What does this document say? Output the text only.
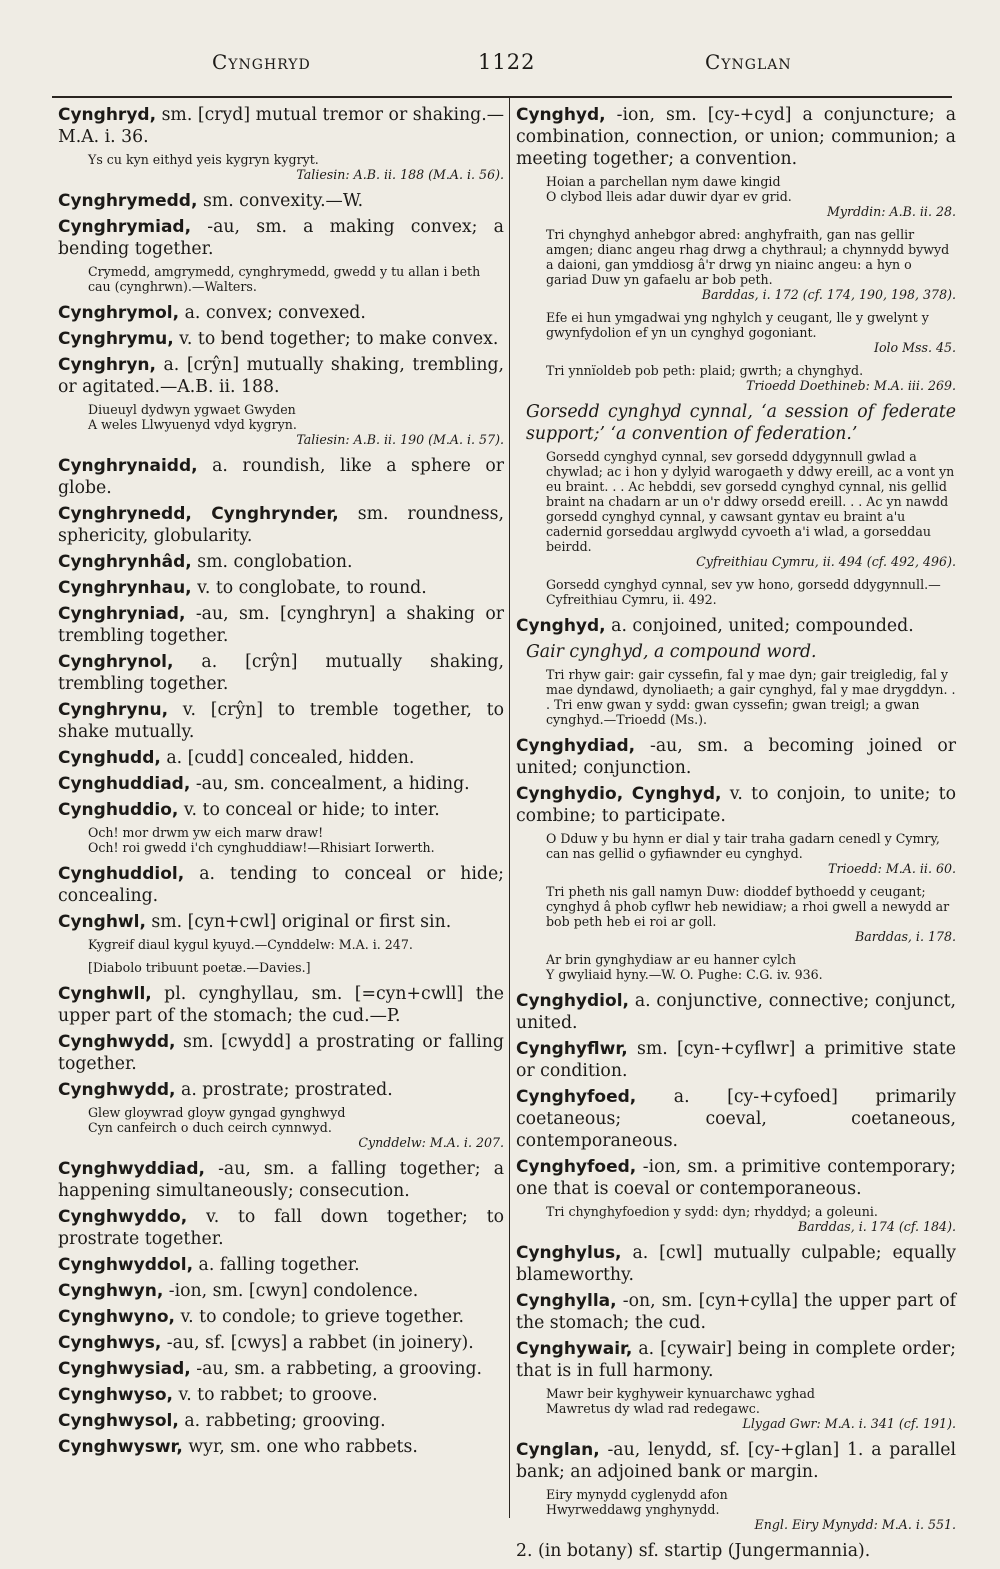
Cynghryd	1122	Cynglan
Cynghryd, sm. [cryd] mutual tremor or shaking.—M.A. i. 36.
Ys cu kyn eithyd yeis kygryn kygryt.
Taliesin: A.B. ii. 188 (M.A. i. 56).
Cynghrymedd, sm. convexity.—W.
Cynghrymiad, -au, sm. a making convex; a bending together.
Crymedd, amgrymedd, cynghrymedd, gwedd y tu allan i beth cau (cynghrwn).—Walters.
Cynghrymol, a. convex; convexed.
Cynghrymu, v. to bend together; to make convex.
Cynghryn, a. [crŷn] mutually shaking, trembling, or agitated.—A.B. ii. 188.
Diueuyl dydwyn ygwaet Gwyden
A weles Llwyuenyd vdyd kygryn.
Taliesin: A.B. ii. 190 (M.A. i. 57).
Cynghrynaidd, a. roundish, like a sphere or globe.
Cynghrynedd, Cynghrynder, sm. roundness, sphericity, globularity.
Cynghrynhâd, sm. conglobation.
Cynghrynhau, v. to conglobate, to round.
Cynghryniad, -au, sm. [cynghryn] a shaking or trembling together.
Cynghrynol, a. [crŷn] mutually shaking, trembling together.
Cynghrynu, v. [crŷn] to tremble together, to shake mutually.
Cynghudd, a. [cudd] concealed, hidden.
Cynghuddiad, -au, sm. concealment, a hiding.
Cynghuddio, v. to conceal or hide; to inter.
Och! mor drwm yw eich marw draw!
Och! roi gwedd i'ch cynghuddiaw!—Rhisiart Iorwerth.
Cynghuddiol, a. tending to conceal or hide; concealing.
Cynghwl, sm. [cyn+cwl] original or first sin.
Kygreif diaul kygul kyuyd.—Cynddelw: M.A. i. 247.
[Diabolo tribuunt poetæ.—Davies.]
Cynghwll, pl. cynghyllau, sm. [=cyn+cwll] the upper part of the stomach; the cud.—P.
Cynghwydd, sm. [cwydd] a prostrating or falling together.
Cynghwydd, a. prostrate; prostrated.
Glew gloywrad gloyw gyngad gynghwyd
Cyn canfeirch o duch ceirch cynnwyd.
Cynddelw: M.A. i. 207.
Cynghwyddiad, -au, sm. a falling together; a happening simultaneously; consecution.
Cynghwyddo, v. to fall down together; to prostrate together.
Cynghwyddol, a. falling together.
Cynghwyn, -ion, sm. [cwyn] condolence.
Cynghwyno, v. to condole; to grieve together.
Cynghwys, -au, sf. [cwys] a rabbet (in joinery).
Cynghwysiad, -au, sm. a rabbeting, a grooving.
Cynghwyso, v. to rabbet; to groove.
Cynghwysol, a. rabbeting; grooving.
Cynghwyswr, wyr, sm. one who rabbets.
Cynghyd, -ion, sm. [cy-+cyd] a conjuncture; a combination, connection, or union; communion; a meeting together; a convention.
Hoian a parchellan nym dawe kingid
O clybod lleis adar duwir dyar ev grid.
Myrddin: A.B. ii. 28.
Tri chynghyd anhebgor abred: anghyfraith, gan nas gellir amgen; dianc angeu rhag drwg a chythraul; a chynnydd bywyd a daioni, gan ymddiosg â'r drwg yn niainc angeu: a hyn o gariad Duw yn gafaelu ar bob peth.
Barddas, i. 172 (cf. 174, 190, 198, 378).
Efe ei hun ymgadwai yng nghylch y ceugant, lle y gwelynt y gwynfydolion ef yn un cynghyd gogoniant.
Iolo Mss. 45.
Tri ynnïoldeb pob peth: plaid; gwrth; a chynghyd.
Trioedd Doethineb: M.A. iii. 269.
Gorsedd cynghyd cynnal, ‘a session of federate support;’ ‘a convention of federation.’
Gorsedd cynghyd cynnal, sev gorsedd ddygynnull gwlad a chywlad; ac i hon y dylyid warogaeth y ddwy ereill, ac a vont yn eu braint. . . Ac hebddi, sev gorsedd cynghyd cynnal, nis gellid braint na chadarn ar un o'r ddwy orsedd ereill. . . Ac yn nawdd gorsedd cynghyd cynnal, y cawsant gyntav eu braint a'u cadernid gorseddau arglwydd cyvoeth a'i wlad, a gorseddau beirdd.
Cyfreithiau Cymru, ii. 494 (cf. 492, 496).
Gorsedd cynghyd cynnal, sev yw hono, gorsedd ddygynnull.—Cyfreithiau Cymru, ii. 492.
Cynghyd, a. conjoined, united; compounded.
Gair cynghyd, a compound word.
Tri rhyw gair: gair cyssefin, fal y mae dyn; gair treigledig, fal y mae dyndawd, dynoliaeth; a gair cynghyd, fal y mae drygddyn. . . Tri enw gwan y sydd: gwan cyssefin; gwan treigl; a gwan cynghyd.—Trioedd (Ms.).
Cynghydiad, -au, sm. a becoming joined or united; conjunction.
Cynghydio, Cynghyd, v. to conjoin, to unite; to combine; to participate.
O Dduw y bu hynn er dial y tair traha gadarn cenedl y Cymry, can nas gellid o gyfiawnder eu cynghyd.
Trioedd: M.A. ii. 60.
Tri pheth nis gall namyn Duw: dioddef bythoedd y ceugant; cynghyd â phob cyflwr heb newidiaw; a rhoi gwell a newydd ar bob peth heb ei roi ar goll.
Barddas, i. 178.
Ar brin gynghydiaw ar eu hanner cylch
Y gwyliaid hyny.—W. O. Pughe: C.G. iv. 936.
Cynghydiol, a. conjunctive, connective; conjunct, united.
Cynghyflwr, sm. [cyn-+cyflwr] a primitive state or condition.
Cynghyfoed, a. [cy-+cyfoed] primarily coetaneous; coeval, coetaneous, contemporaneous.
Cynghyfoed, -ion, sm. a primitive contemporary; one that is coeval or contemporaneous.
Tri chynghyfoedion y sydd: dyn; rhyddyd; a goleuni.
Barddas, i. 174 (cf. 184).
Cynghylus, a. [cwl] mutually culpable; equally blameworthy.
Cynghylla, -on, sm. [cyn+cylla] the upper part of the stomach; the cud.
Cynghywair, a. [cywair] being in complete order; that is in full harmony.
Mawr beir kyghyweir kynuarchawc yghad
Mawretus dy wlad rad redegawc.
Llygad Gwr: M.A. i. 341 (cf. 191).
Cynglan, -au, lenydd, sf. [cy-+glan] 1. a parallel bank; an adjoined bank or margin.
Eiry mynydd cyglenydd afon
Hwyrweddawg ynghynydd.
Engl. Eiry Mynydd: M.A. i. 551.
2. (in botany) sf. startip (Jungermannia).
